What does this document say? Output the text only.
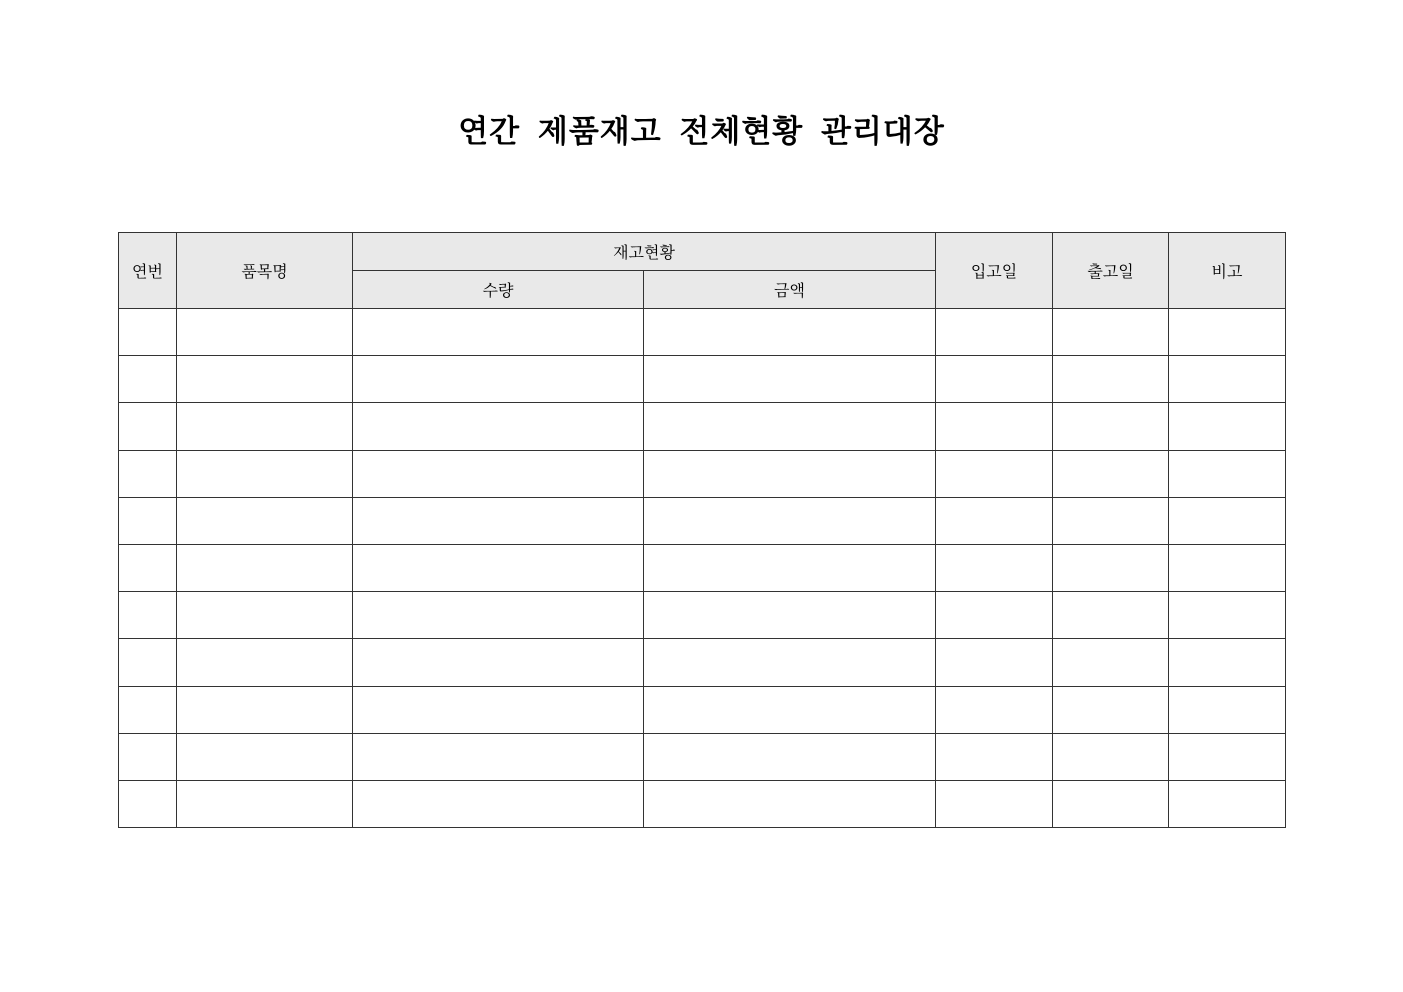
연간 제품재고 전체현황 관리대장
연번	품목명	재고현황		입고일	출고일	비고
		수량	금액			
